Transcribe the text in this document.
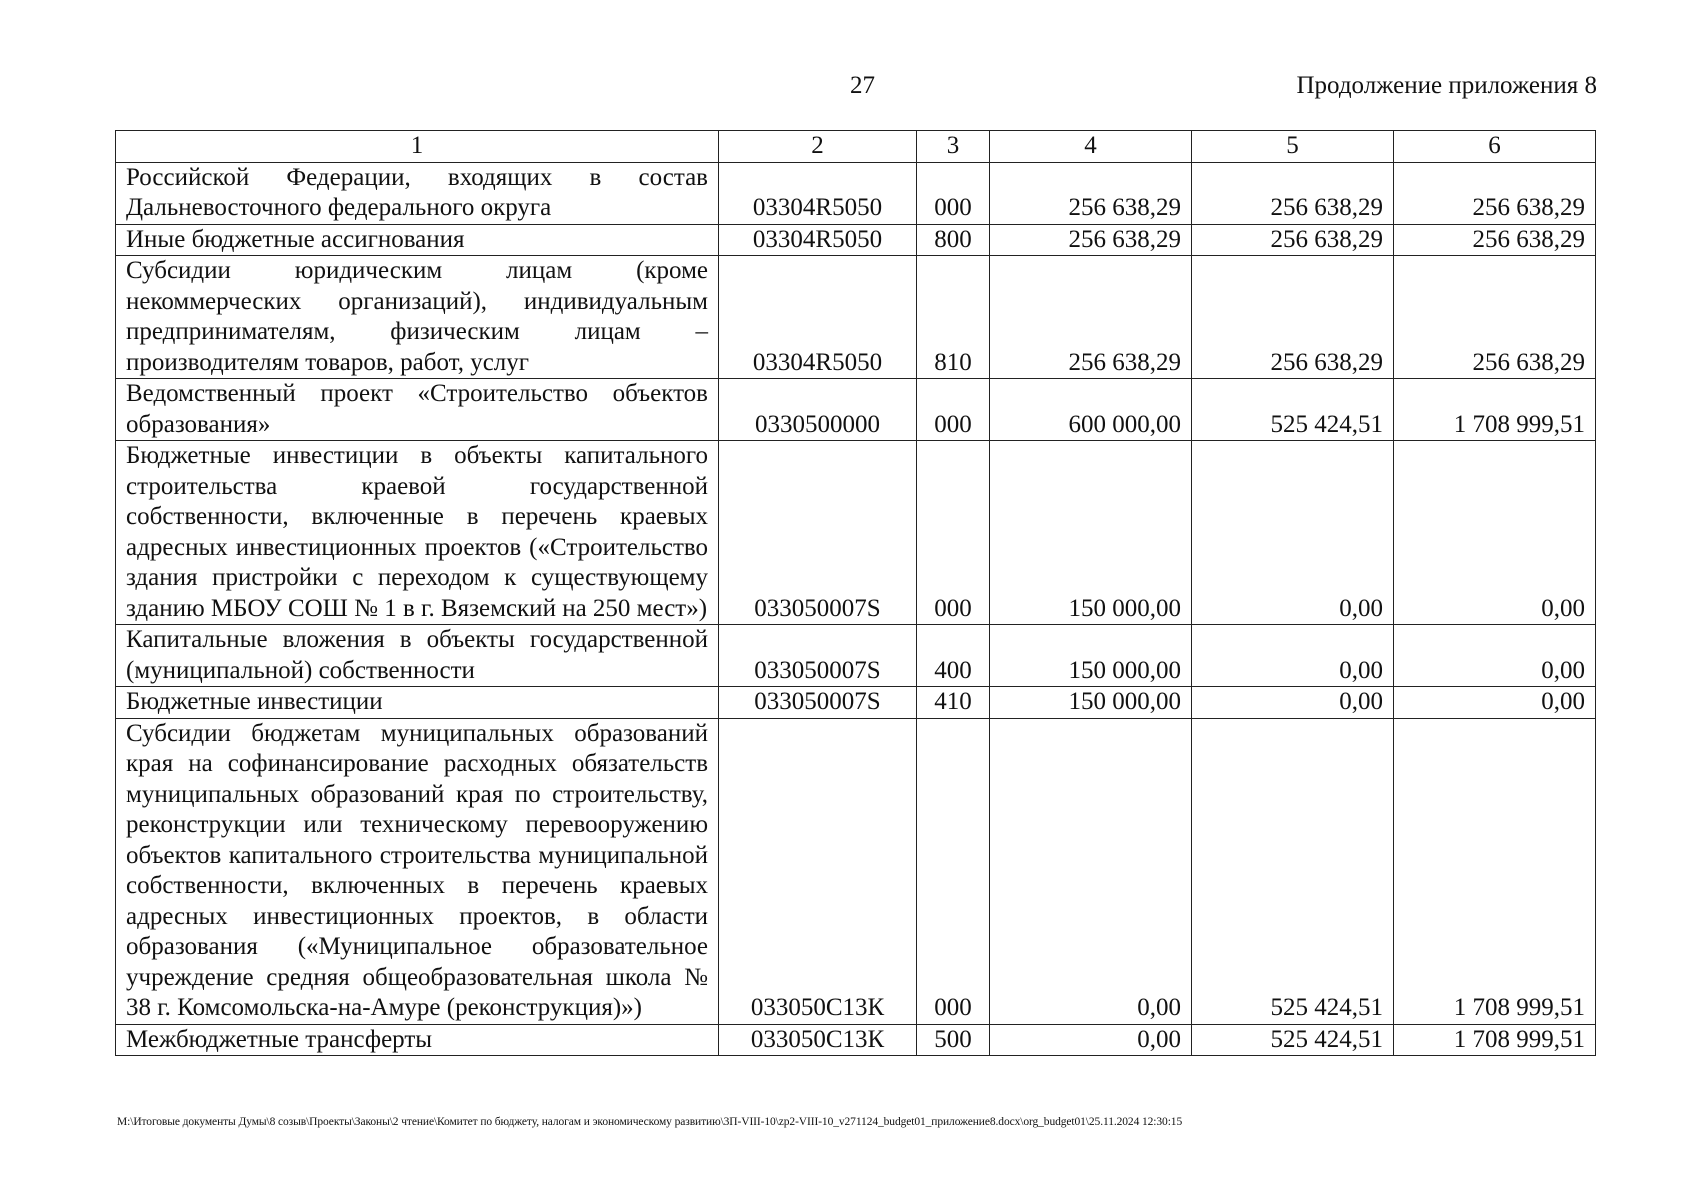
27	Продолжение приложения 8
1	2	3	4	5	6
Российской Федерации, входящих в состав Дальневосточного федерального округа	03304R5050	000	256 638,29	256 638,29	256 638,29
Иные бюджетные ассигнования	03304R5050	800	256 638,29	256 638,29	256 638,29
Субсидии юридическим лицам (кроме некоммерческих организаций), индивидуальным предпринимателям, физическим лицам – производителям товаров, работ, услуг	03304R5050	810	256 638,29	256 638,29	256 638,29
Ведомственный проект «Строительство объектов образования»	0330500000	000	600 000,00	525 424,51	1 708 999,51
Бюджетные инвестиции в объекты капитального строительства краевой государственной собственности, включенные в перечень краевых адресных инвестиционных проектов («Строительство здания пристройки с переходом к существующему зданию МБОУ СОШ № 1 в г. Вяземский на 250 мест»)	033050007S	000	150 000,00	0,00	0,00
Капитальные вложения в объекты государственной (муниципальной) собственности	033050007S	400	150 000,00	0,00	0,00
Бюджетные инвестиции	033050007S	410	150 000,00	0,00	0,00
Субсидии бюджетам муниципальных образований края на софинансирование расходных обязательств муниципальных образований края по строительству, реконструкции или техническому перевооружению объектов капитального строительства муниципальной собственности, включенных в перечень краевых адресных инвестиционных проектов, в области образования («Муниципальное образовательное учреждение средняя общеобразовательная школа № 38 г. Комсомольска-на-Амуре (реконструкция)»)	033050С13К	000	0,00	525 424,51	1 708 999,51
Межбюджетные трансферты	033050С13К	500	0,00	525 424,51	1 708 999,51
M:\Итоговые документы Думы\8 созыв\Проекты\Законы\2 чтение\Комитет по бюджету, налогам и экономическому развитию\3П-VIII-10\zp2-VIII-10_v271124_budget01_приложение8.docx\org_budget01\25.11.2024 12:30:15
